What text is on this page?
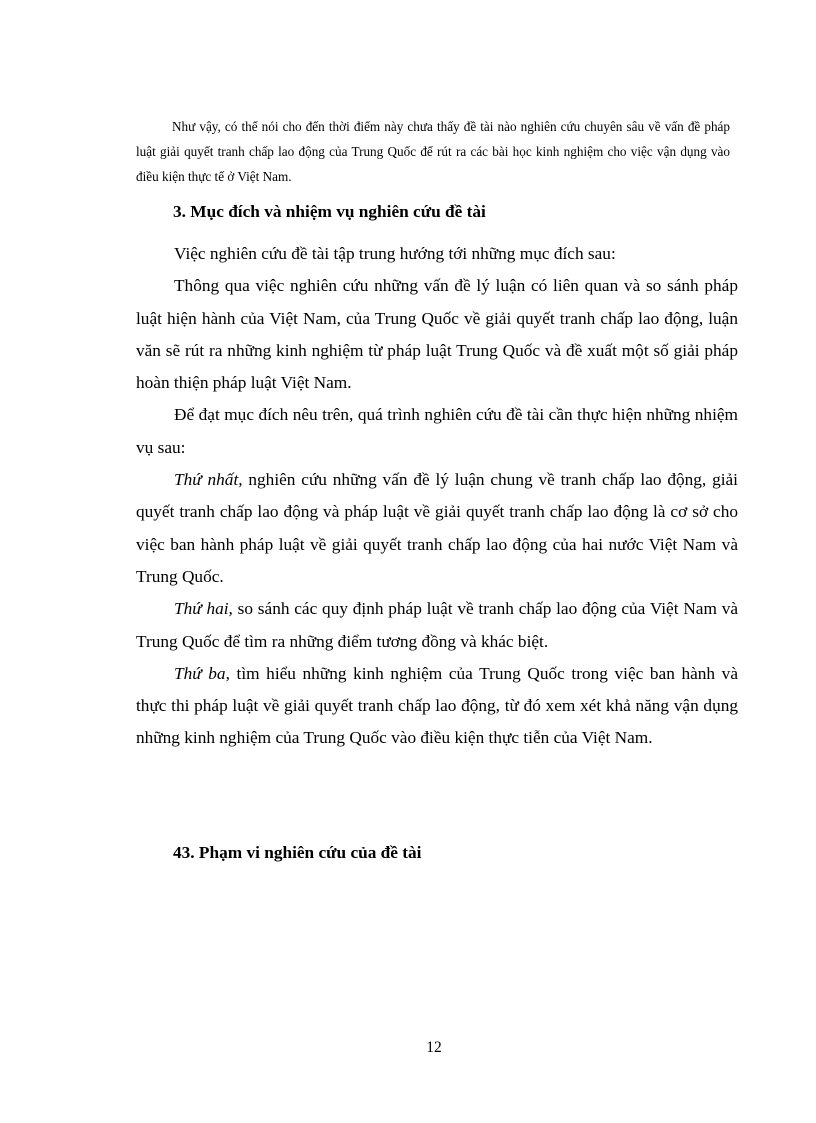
Như vậy, có thể nói cho đến thời điểm này chưa thấy đề tài nào nghiên cứu chuyên sâu về vấn đề pháp luật giải quyết tranh chấp lao động của Trung Quốc để rút ra các bài học kinh nghiệm cho việc vận dụng vào điều kiện thực tế ở Việt Nam.

3. Mục đích và nhiệm vụ nghiên cứu đề tài

Việc nghiên cứu đề tài tập trung hướng tới những mục đích sau:

Thông qua việc nghiên cứu những vấn đề lý luận có liên quan và so sánh pháp luật hiện hành của Việt Nam, của Trung Quốc về giải quyết tranh chấp lao động, luận văn sẽ rút ra những kinh nghiệm từ pháp luật Trung Quốc và đề xuất một số giải pháp hoàn thiện pháp luật Việt Nam.

Để đạt mục đích nêu trên, quá trình nghiên cứu đề tài cần thực hiện những nhiệm vụ sau:

Thứ nhất, nghiên cứu những vấn đề lý luận chung về tranh chấp lao động, giải quyết tranh chấp lao động và pháp luật về giải quyết tranh chấp lao động là cơ sở cho việc ban hành pháp luật về giải quyết tranh chấp lao động của hai nước Việt Nam và Trung Quốc.

Thứ hai, so sánh các quy định pháp luật về tranh chấp lao động của Việt Nam và Trung Quốc để tìm ra những điểm tương đồng và khác biệt.

Thứ ba, tìm hiểu những kinh nghiệm của Trung Quốc trong việc ban hành và thực thi pháp luật về giải quyết tranh chấp lao động, từ đó xem xét khả năng vận dụng những kinh nghiệm của Trung Quốc vào điều kiện thực tiễn của Việt Nam.

43. Phạm vi nghiên cứu của đề tài

12
